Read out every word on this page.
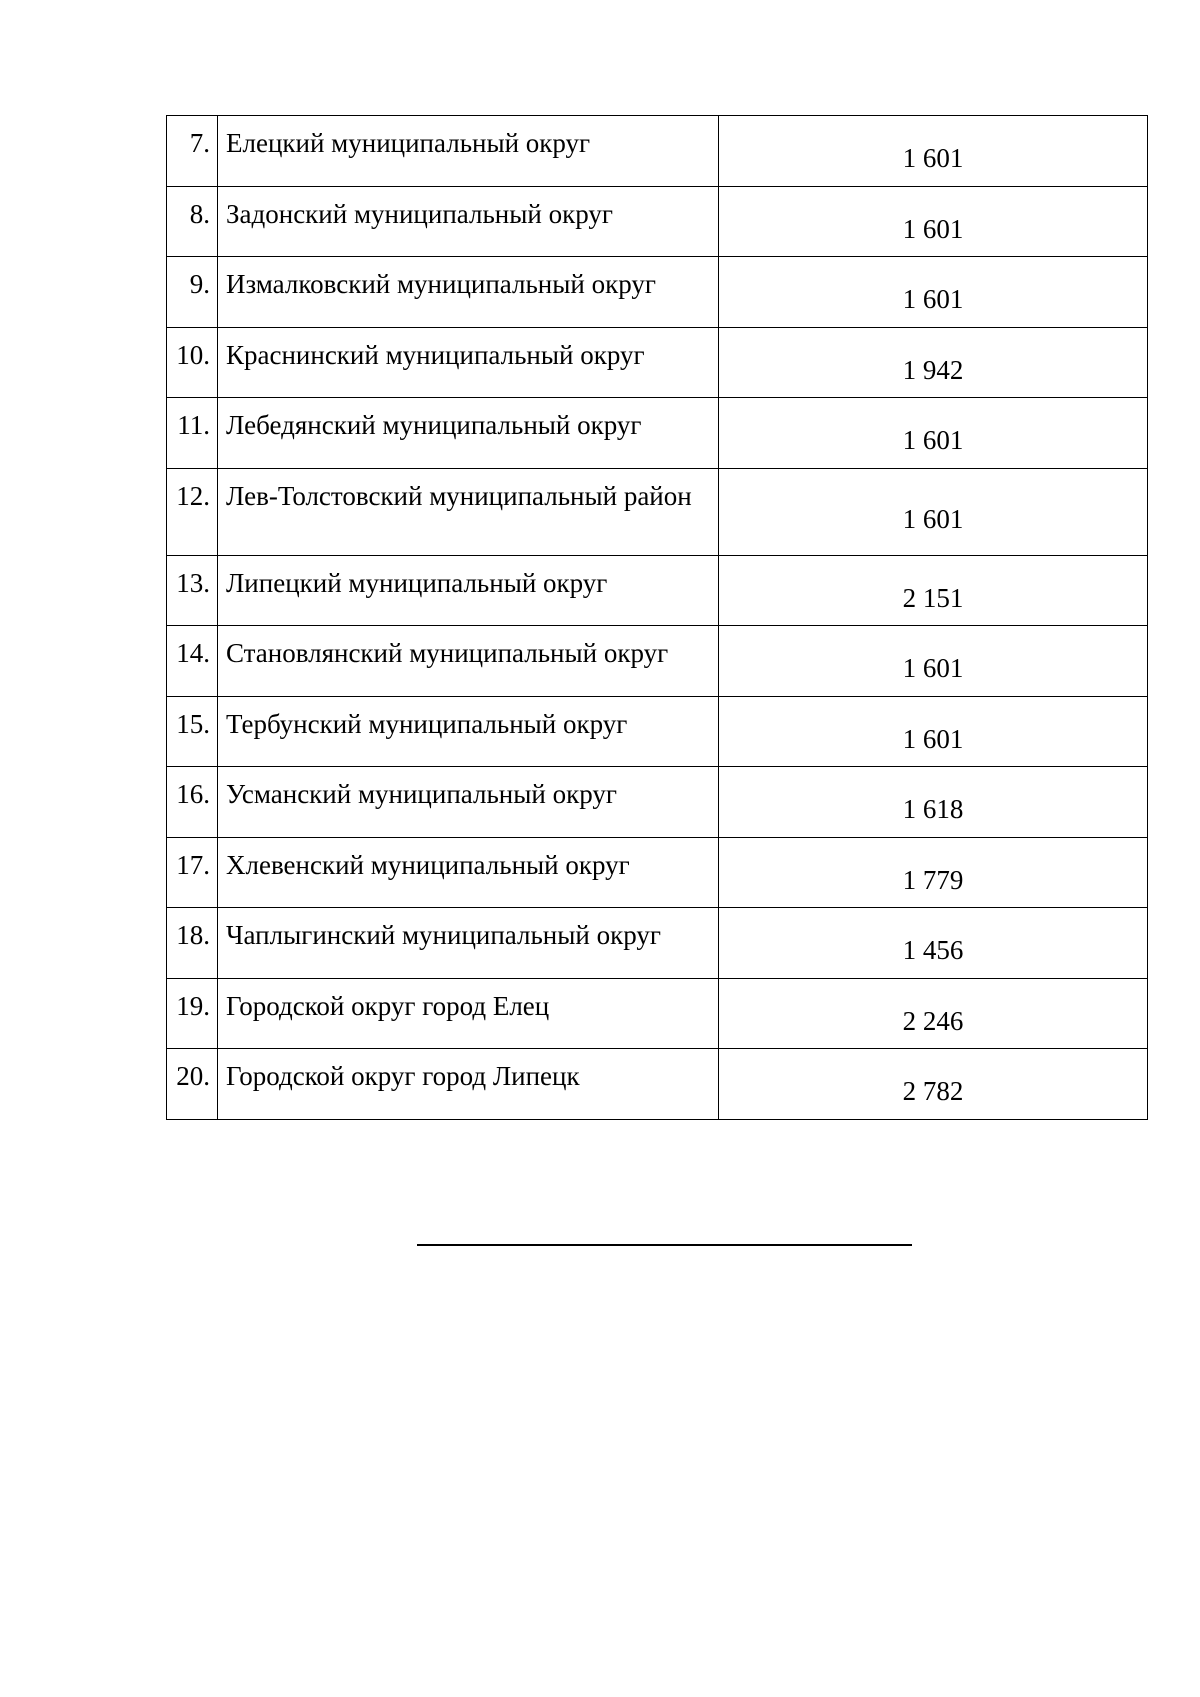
7.	Елецкий муниципальный округ	1 601
8.	Задонский муниципальный округ	1 601
9.	Измалковский муниципальный округ	1 601
10.	Краснинский муниципальный округ	1 942
11.	Лебедянский муниципальный округ	1 601
12.	Лев-Толстовский муниципальный район	1 601
13.	Липецкий муниципальный округ	2 151
14.	Становлянский муниципальный округ	1 601
15.	Тербунский муниципальный округ	1 601
16.	Усманский муниципальный округ	1 618
17.	Хлевенский муниципальный округ	1 779
18.	Чаплыгинский муниципальный округ	1 456
19.	Городской округ город Елец	2 246
20.	Городской округ город Липецк	2 782
